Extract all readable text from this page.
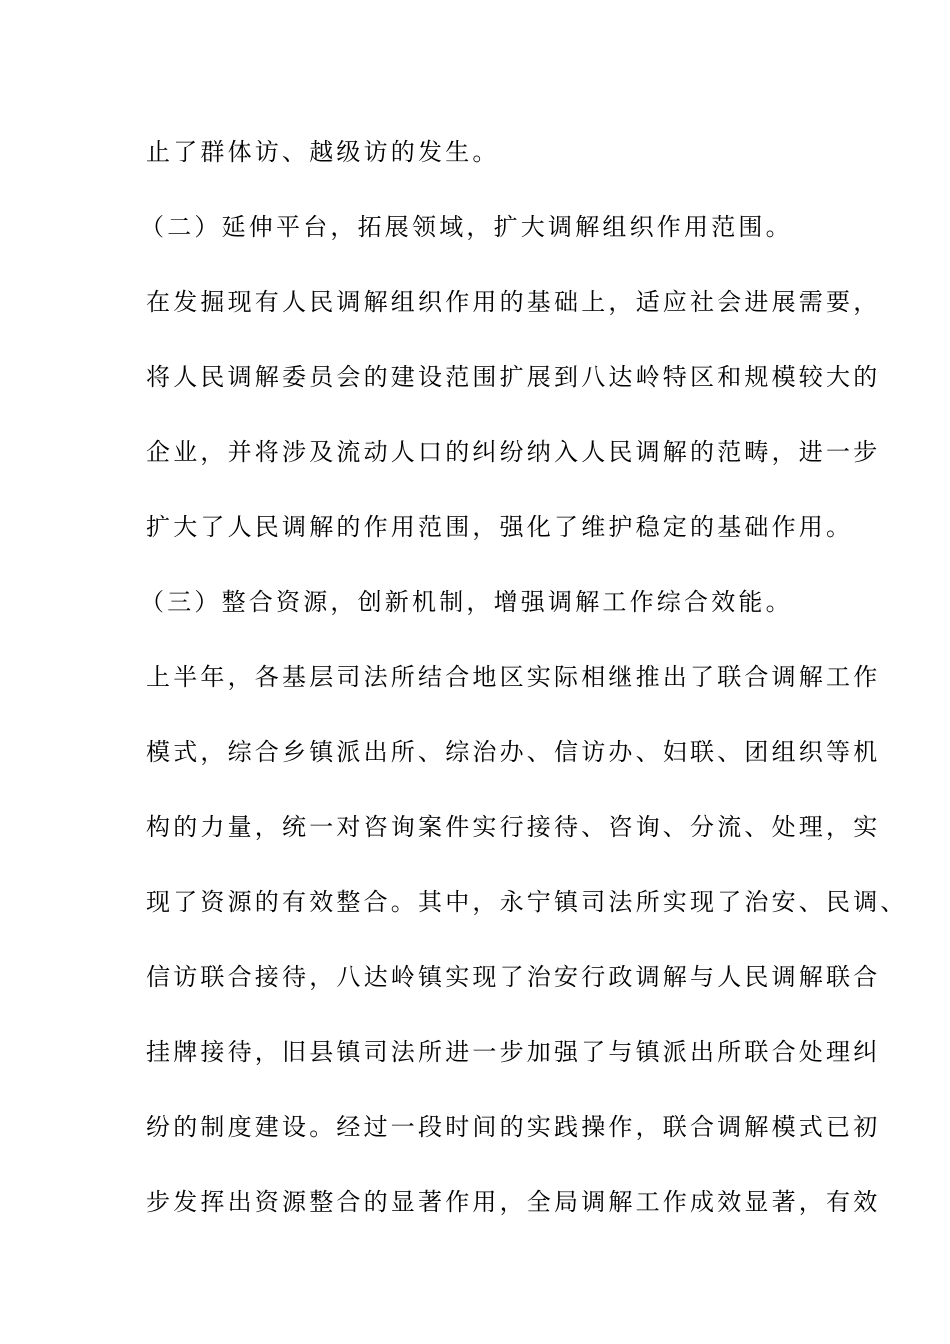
止了群体访、越级访的发生。
（二）延伸平台，拓展领域，扩大调解组织作用范围。
在发掘现有人民调解组织作用的基础上，适应社会进展需要，
将人民调解委员会的建设范围扩展到八达岭特区和规模较大的
企业，并将涉及流动人口的纠纷纳入人民调解的范畴，进一步
扩大了人民调解的作用范围，强化了维护稳定的基础作用。
（三）整合资源，创新机制，增强调解工作综合效能。
上半年，各基层司法所结合地区实际相继推出了联合调解工作
模式，综合乡镇派出所、综治办、信访办、妇联、团组织等机
构的力量，统一对咨询案件实行接待、咨询、分流、处理，实
现了资源的有效整合。其中，永宁镇司法所实现了治安、民调、
信访联合接待，八达岭镇实现了治安行政调解与人民调解联合
挂牌接待，旧县镇司法所进一步加强了与镇派出所联合处理纠
纷的制度建设。经过一段时间的实践操作，联合调解模式已初
步发挥出资源整合的显著作用，全局调解工作成效显著，有效
